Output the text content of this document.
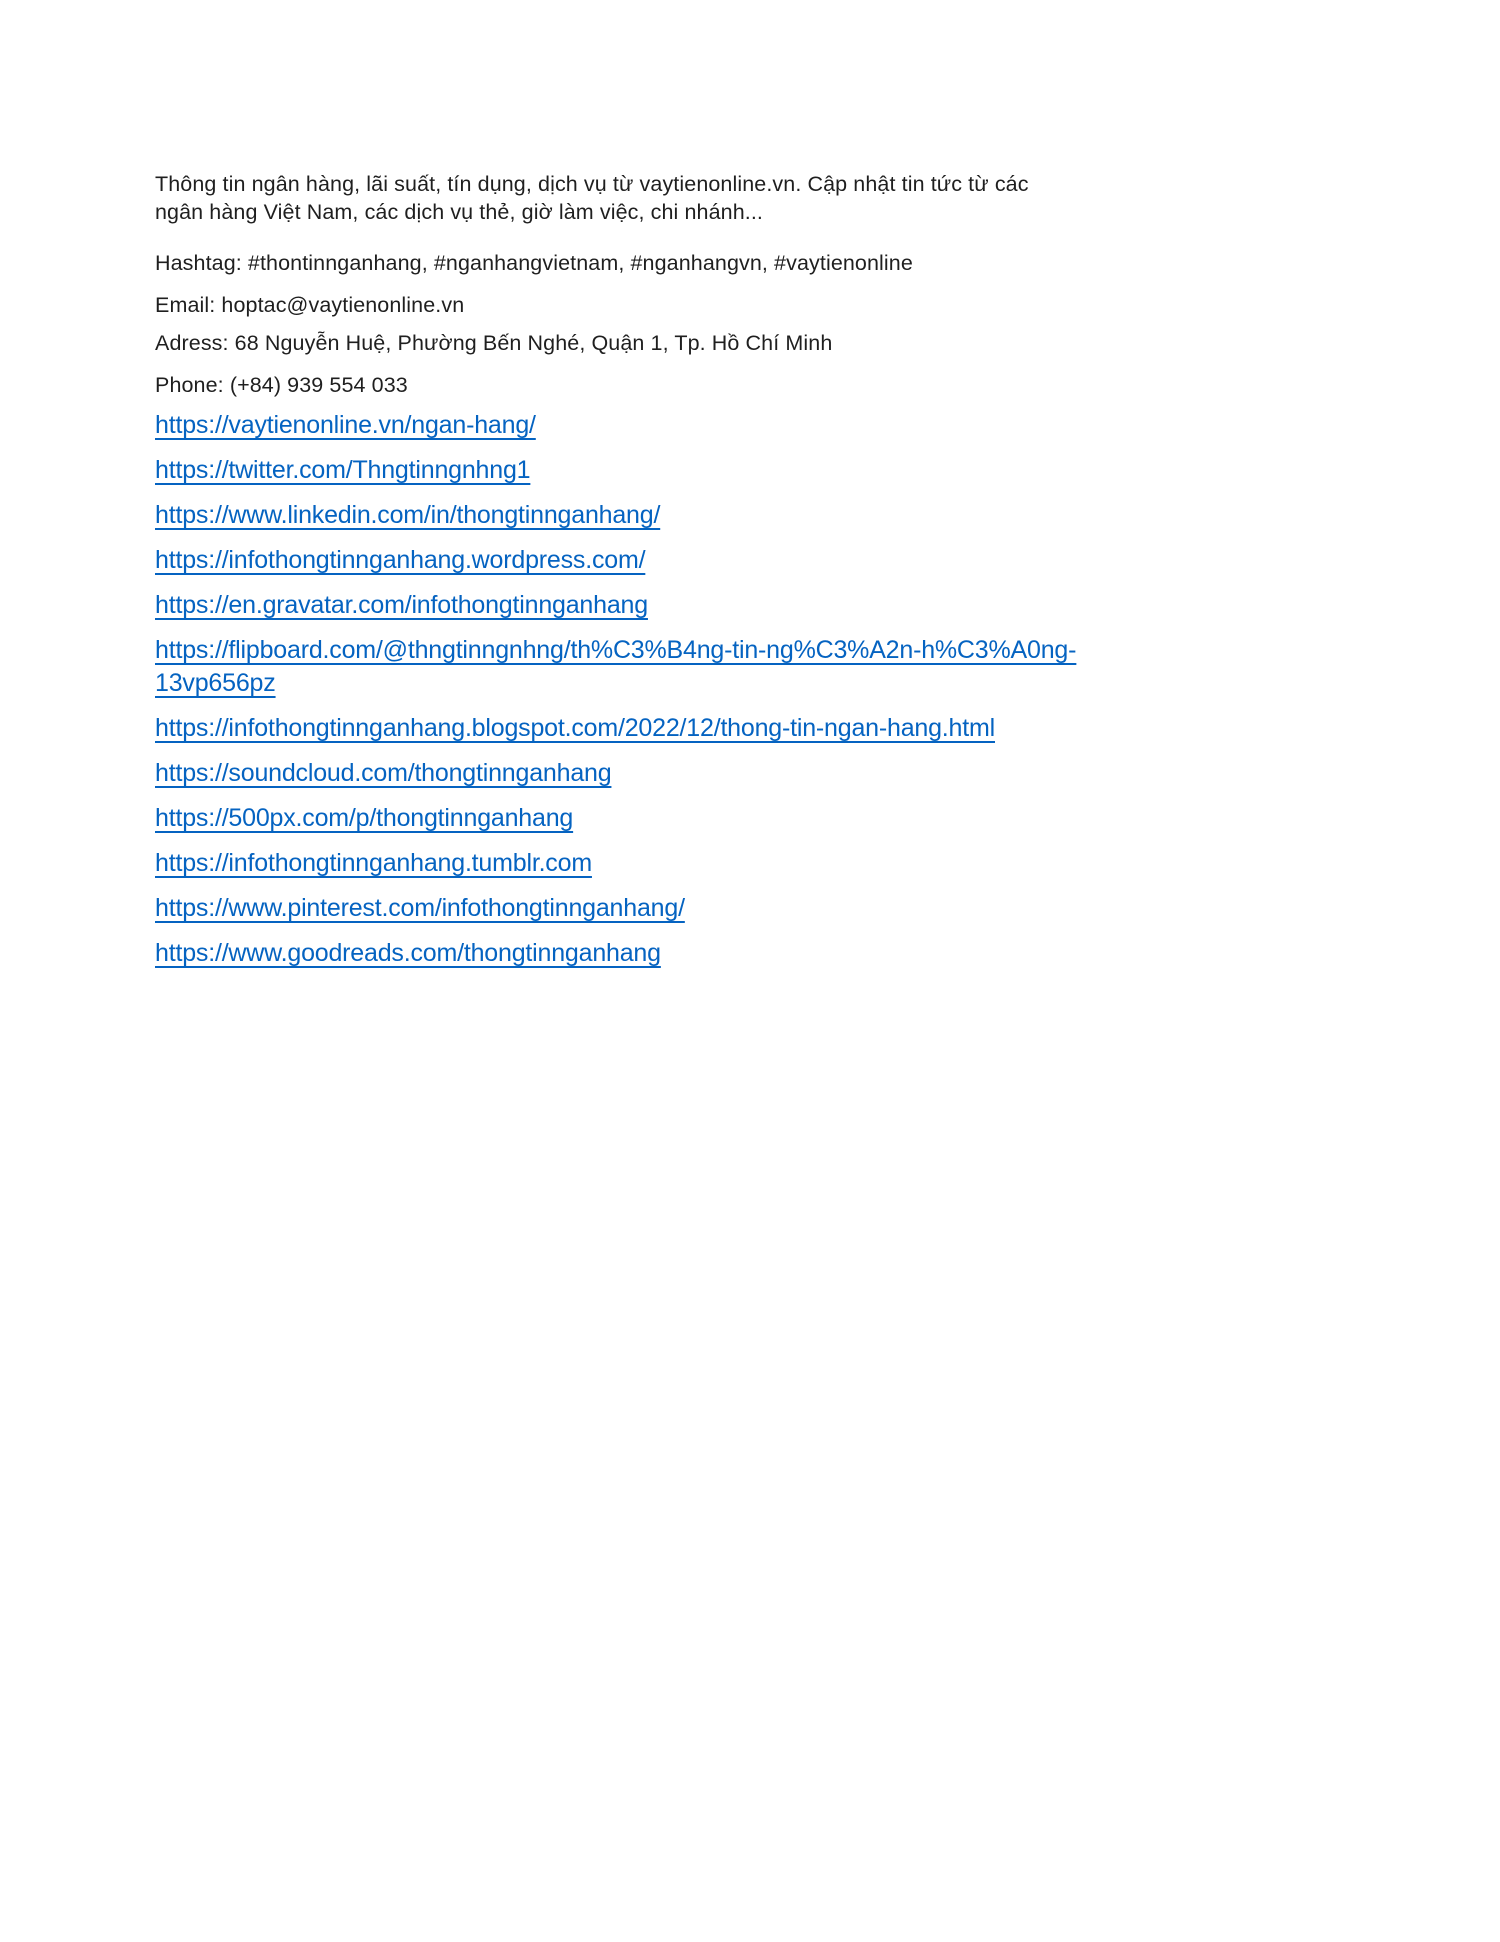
Thông tin ngân hàng, lãi suất, tín dụng, dịch vụ từ vaytienonline.vn. Cập nhật tin tức từ các
ngân hàng Việt Nam, các dịch vụ thẻ, giờ làm việc, chi nhánh...
Hashtag: #thontinnganhang, #nganhangvietnam, #nganhangvn, #vaytienonline
Email: hoptac@vaytienonline.vn
Adress: 68 Nguyễn Huệ, Phường Bến Nghé, Quận 1, Tp. Hồ Chí Minh
Phone: (+84) 939 554 033
https://vaytienonline.vn/ngan-hang/
https://twitter.com/Thngtinngnhng1
https://www.linkedin.com/in/thongtinnganhang/
https://infothongtinnganhang.wordpress.com/
https://en.gravatar.com/infothongtinnganhang
https://flipboard.com/@thngtinngnhng/th%C3%B4ng-tin-ng%C3%A2n-h%C3%A0ng-
13vp656pz
https://infothongtinnganhang.blogspot.com/2022/12/thong-tin-ngan-hang.html
https://soundcloud.com/thongtinnganhang
https://500px.com/p/thongtinnganhang
https://infothongtinnganhang.tumblr.com
https://www.pinterest.com/infothongtinnganhang/
https://www.goodreads.com/thongtinnganhang
